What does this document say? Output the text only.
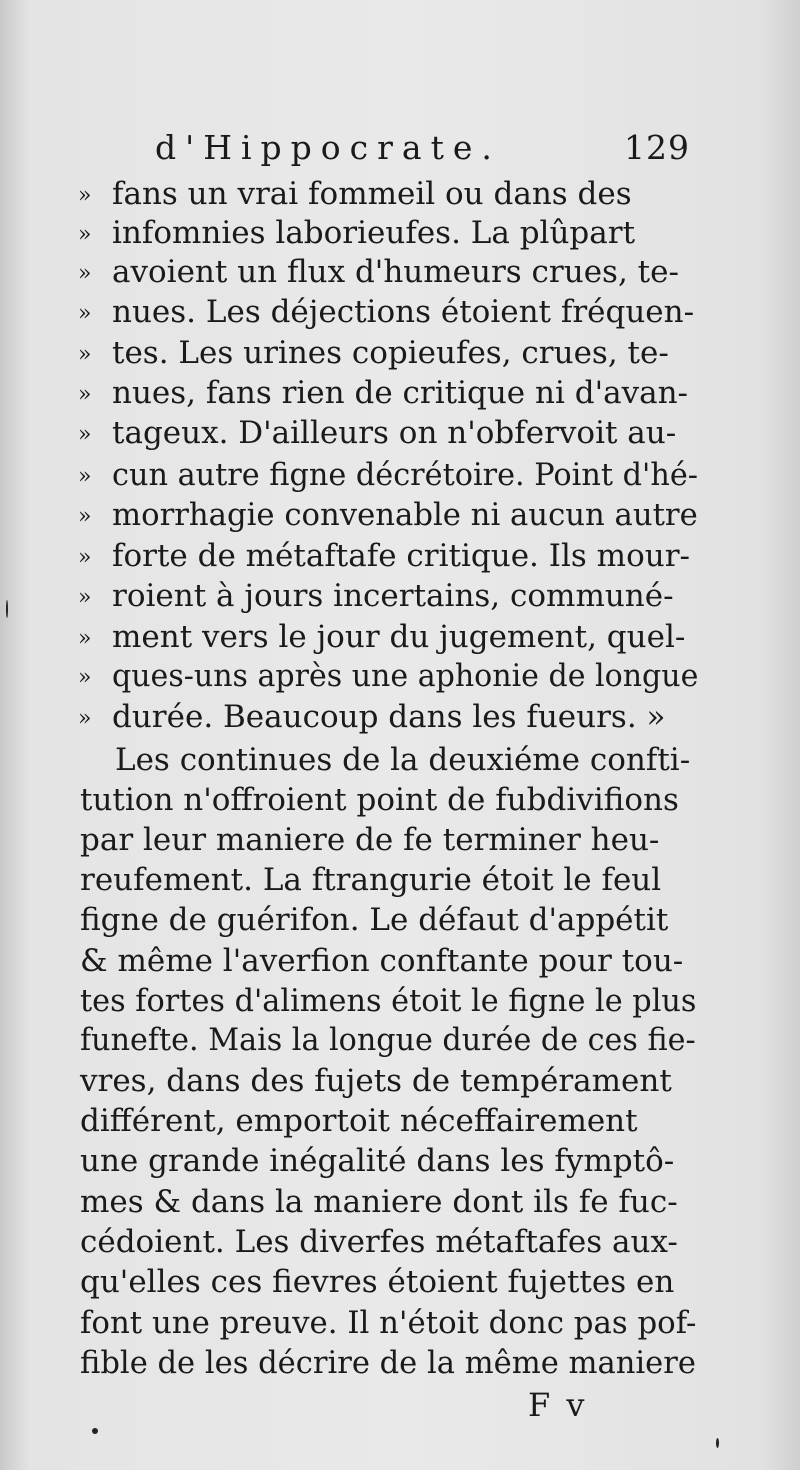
d'Hippocrate.	129
» fans un vrai fommeil ou dans des
» infomnies laborieufes. La plûpart
» avoient un flux d'humeurs crues, te-
» nues. Les déjections étoient fréquen-
» tes. Les urines copieufes, crues, te-
» nues, fans rien de critique ni d'avan-
» tageux. D'ailleurs on n'obfervoit au-
» cun autre figne décrétoire. Point d'hé-
» morrhagie convenable ni aucun autre
» forte de métaftafe critique. Ils mour-
» roient à jours incertains, communé-
» ment vers le jour du jugement, quel-
» ques-uns après une aphonie de longue
» durée. Beaucoup dans les fueurs. »
Les continues de la deuxiéme confti-
tution n'offroient point de fubdivifions
par leur maniere de fe terminer heu-
reufement. La ftrangurie étoit le feul
figne de guérifon. Le défaut d'appétit
& même l'averfion conftante pour tou-
tes fortes d'alimens étoit le figne le plus
funefte. Mais la longue durée de ces fie-
vres, dans des fujets de tempérament
différent, emportoit néceffairement
une grande inégalité dans les fymptô-
mes & dans la maniere dont ils fe fuc-
cédoient. Les diverfes métaftafes aux-
qu'elles ces fievres étoient fujettes en
font une preuve. Il n'étoit donc pas pof-
fible de les décrire de la même maniere
F v
